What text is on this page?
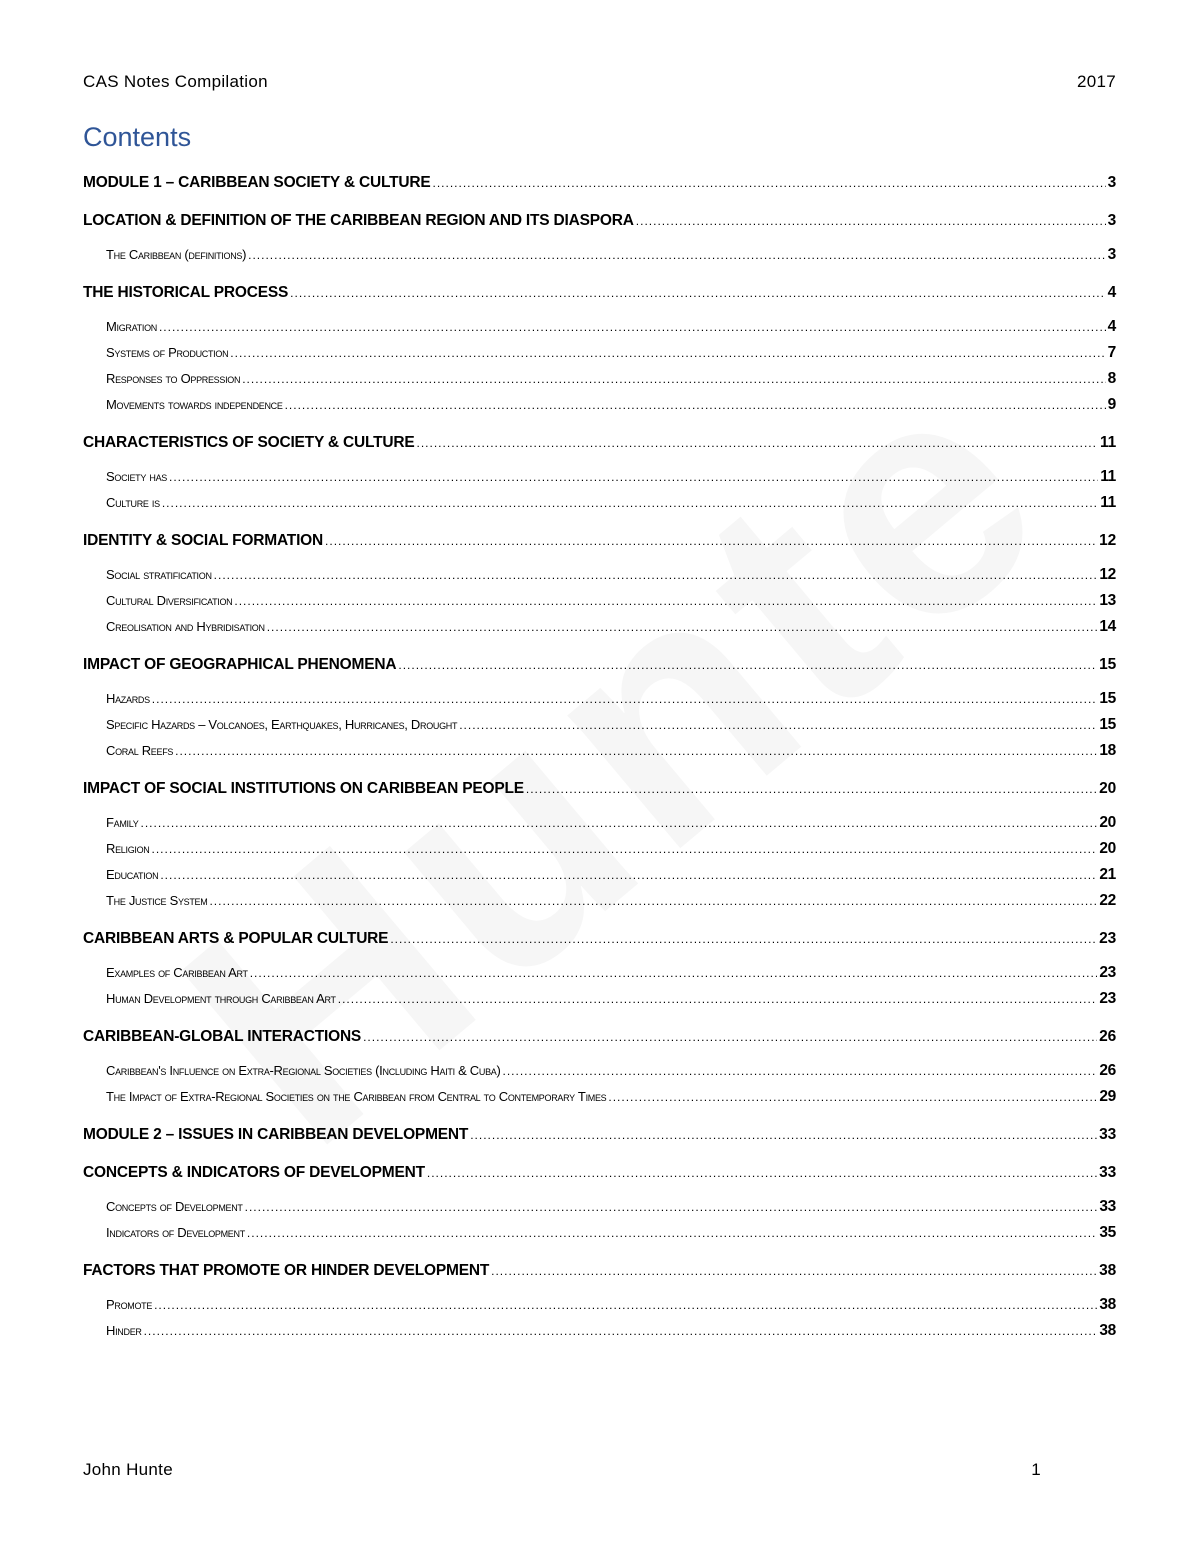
CAS Notes Compilation	2017
Contents
MODULE 1 – CARIBBEAN SOCIETY & CULTURE .....	3
LOCATION & DEFINITION OF THE CARIBBEAN REGION AND ITS DIASPORA .....	3
The Caribbean (definitions) .....	3
THE HISTORICAL PROCESS .....	4
Migration .....	4
Systems of Production .....	7
Responses to Oppression .....	8
Movements towards independence .....	9
CHARACTERISTICS OF SOCIETY & CULTURE .....	11
Society has .....	11
Culture is .....	11
IDENTITY & SOCIAL FORMATION .....	12
Social stratification .....	12
Cultural Diversification .....	13
Creolisation and Hybridisation .....	14
IMPACT OF GEOGRAPHICAL PHENOMENA .....	15
Hazards .....	15
Specific Hazards – Volcanoes, Earthquakes, Hurricanes, Drought .....	15
Coral Reefs .....	18
IMPACT OF SOCIAL INSTITUTIONS ON CARIBBEAN PEOPLE .....	20
Family .....	20
Religion .....	20
Education .....	21
The Justice System .....	22
CARIBBEAN ARTS & POPULAR CULTURE .....	23
Examples of Caribbean Art .....	23
Human Development through Caribbean Art .....	23
CARIBBEAN-GLOBAL INTERACTIONS .....	26
Caribbean's Influence on Extra-Regional Societies (Including Haiti & Cuba) .....	26
The Impact of Extra-Regional Societies on the Caribbean from Central to Contemporary Times .....	29
MODULE 2 – ISSUES IN CARIBBEAN DEVELOPMENT .....	33
CONCEPTS & INDICATORS OF DEVELOPMENT .....	33
Concepts of Development .....	33
Indicators of Development .....	35
FACTORS THAT PROMOTE OR HINDER DEVELOPMENT .....	38
Promote .....	38
Hinder .....	38
John Hunte	1
